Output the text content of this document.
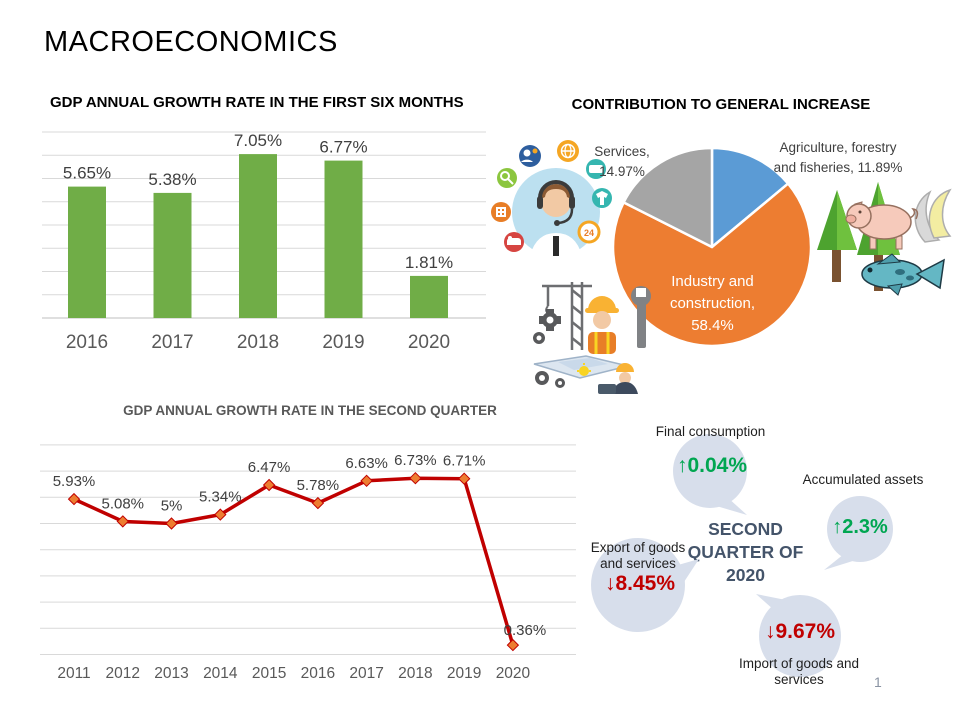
MACROECONOMICS
GDP ANNUAL GROWTH RATE IN THE FIRST SIX MONTHS
5.65%
2016
5.38%
2017
7.05%
2018
6.77%
2019
1.81%
2020
CONTRIBUTION TO GENERAL INCREASE
Services,
14.97%
Agriculture, forestry
and fisheries, 11.89%
Industry and
construction,
58.4%
24
GDP ANNUAL GROWTH RATE IN THE SECOND QUARTER
5.93%
2011
5.08%
2012
5%
2013
5.34%
2014
6.47%
2015
5.78%
2016
6.63%
2017
6.73%
2018
6.71%
2019
0.36%
2020
SECOND
QUARTER OF
2020
Final consumption
↑0.04%
Accumulated assets
↑2.3%
Export of goods and services
↓8.45%
↓9.67%
Import of goods and services	1
